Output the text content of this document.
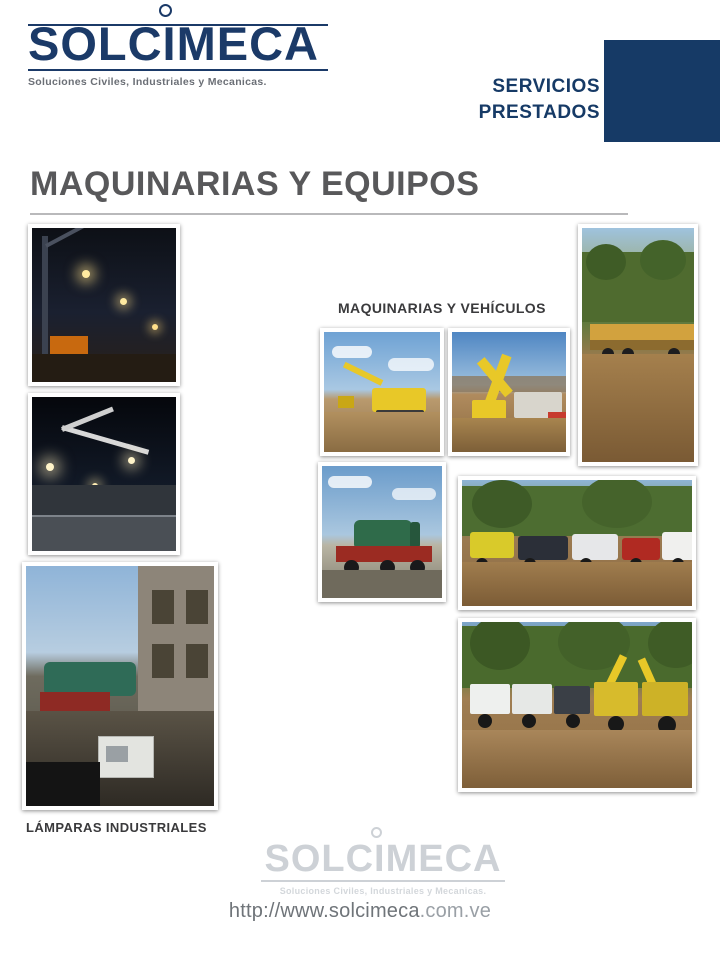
SOLCIMECA
Soluciones Civiles, Industriales y Mecanicas.	SERVICIOS
PRESTADOS
MAQUINARIAS Y EQUIPOS
LÁMPARAS INDUSTRIALES
MAQUINARIAS Y VEHÍCULOS
SOLCIMECA
Soluciones Civiles, Industriales y Mecanicas.
http://www.solcimeca.com.ve
